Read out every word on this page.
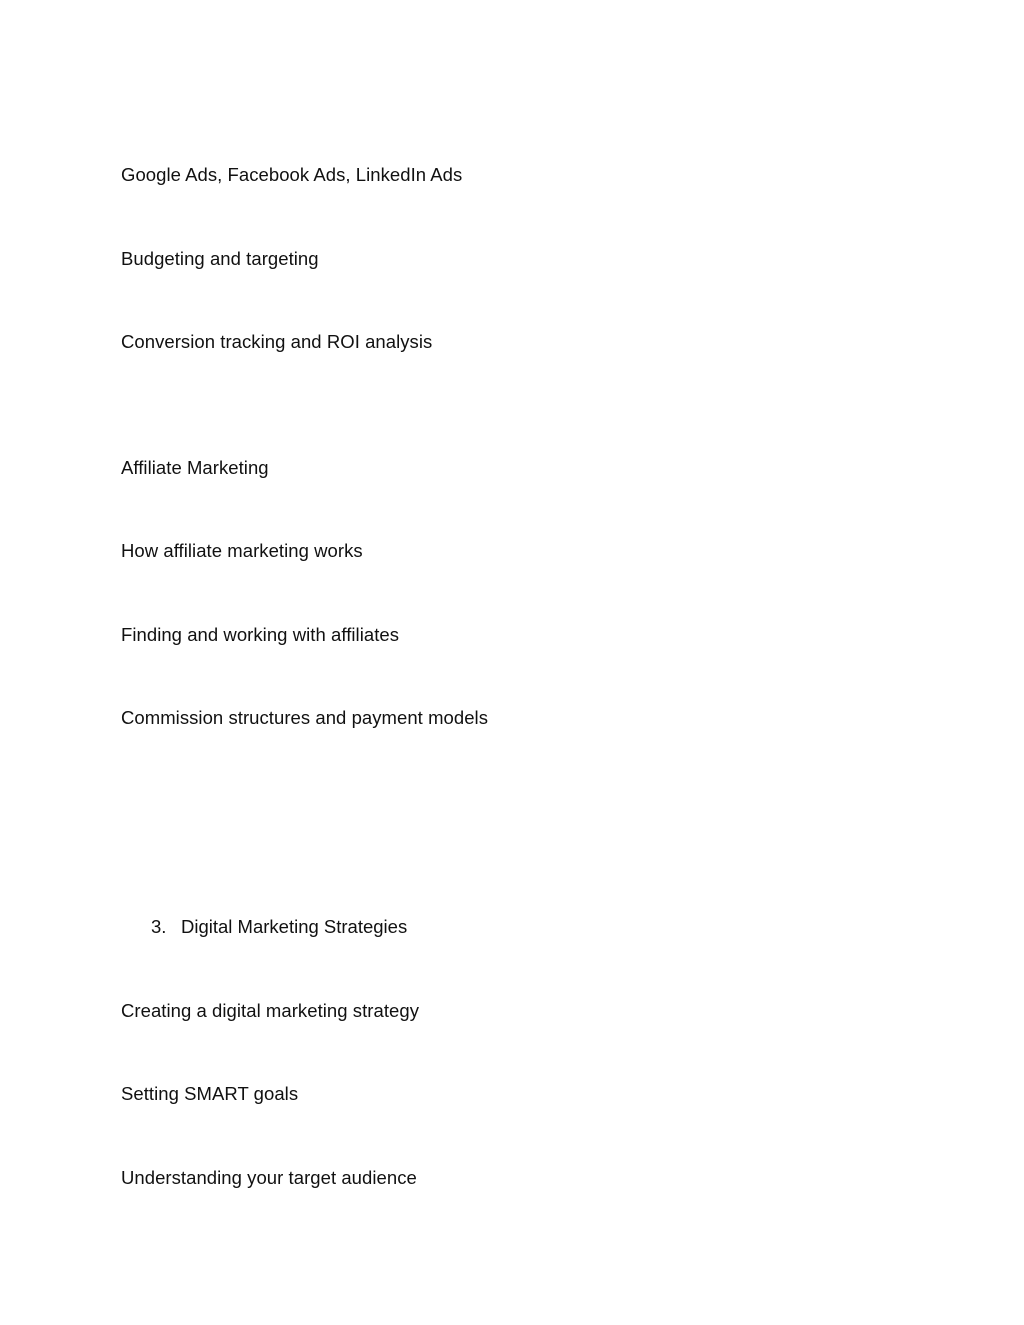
Google Ads, Facebook Ads, LinkedIn Ads
Budgeting and targeting
Conversion tracking and ROI analysis
Affiliate Marketing
How affiliate marketing works
Finding and working with affiliates
Commission structures and payment models
3. Digital Marketing Strategies
Creating a digital marketing strategy
Setting SMART goals
Understanding your target audience
